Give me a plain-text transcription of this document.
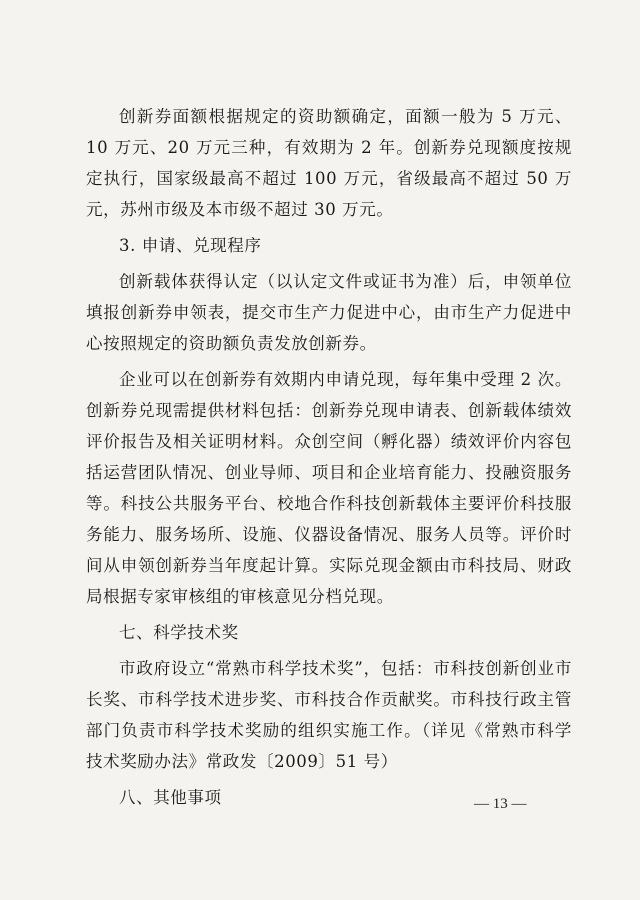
创新券面额根据规定的资助额确定，面额一般为 5 万元、10 万元、20 万元三种，有效期为 2 年。创新券兑现额度按规定执行，国家级最高不超过 100 万元，省级最高不超过 50 万元，苏州市级及本市级不超过 30 万元。

3. 申请、兑现程序

创新载体获得认定（以认定文件或证书为准）后，申领单位填报创新券申领表，提交市生产力促进中心，由市生产力促进中心按照规定的资助额负责发放创新券。

企业可以在创新券有效期内申请兑现，每年集中受理 2 次。创新券兑现需提供材料包括：创新券兑现申请表、创新载体绩效评价报告及相关证明材料。众创空间（孵化器）绩效评价内容包括运营团队情况、创业导师、项目和企业培育能力、投融资服务等。科技公共服务平台、校地合作科技创新载体主要评价科技服务能力、服务场所、设施、仪器设备情况、服务人员等。评价时间从申领创新券当年度起计算。实际兑现金额由市科技局、财政局根据专家审核组的审核意见分档兑现。

七、科学技术奖

市政府设立“常熟市科学技术奖”，包括：市科技创新创业市长奖、市科学技术进步奖、市科技合作贡献奖。市科技行政主管部门负责市科学技术奖励的组织实施工作。（详见《常熟市科学技术奖励办法》常政发〔2009〕51 号）

八、其他事项	— 13 —
